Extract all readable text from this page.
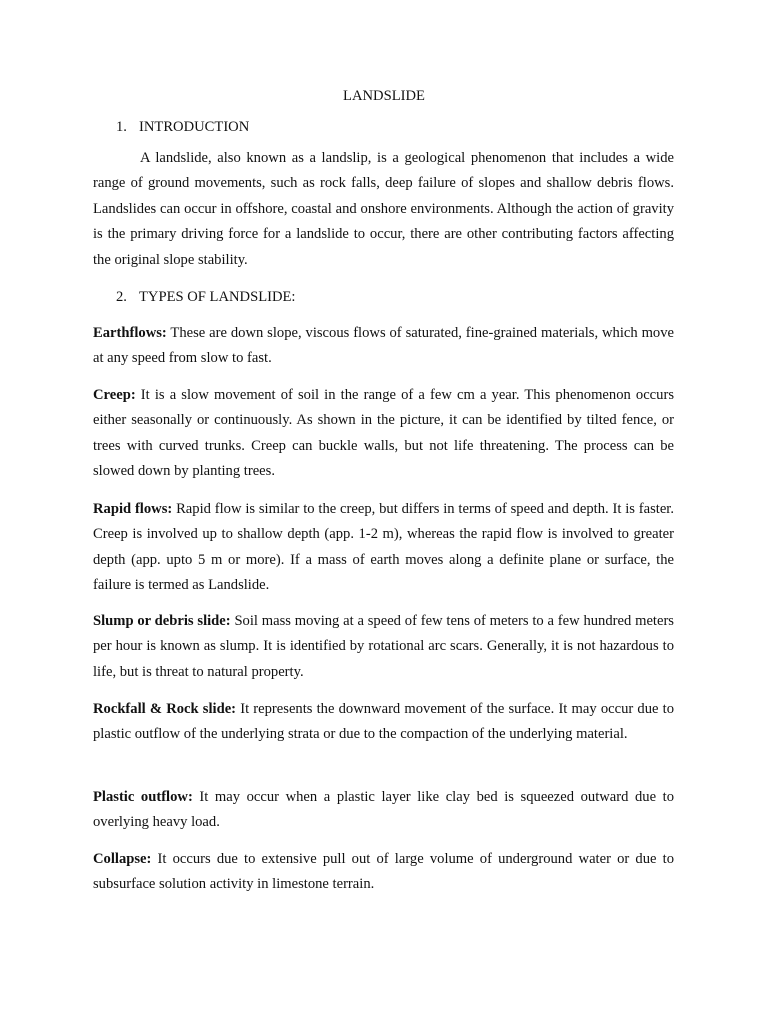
LANDSLIDE
1. INTRODUCTION

A landslide, also known as a landslip, is a geological phenomenon that includes a wide range of ground movements, such as rock falls, deep failure of slopes and shallow debris flows. Landslides can occur in offshore, coastal and onshore environments. Although the action of gravity is the primary driving force for a landslide to occur, there are other contributing factors affecting the original slope stability.

2. TYPES OF LANDSLIDE:

Earthflows: These are down slope, viscous flows of saturated, fine-grained materials, which move at any speed from slow to fast.

Creep: It is a slow movement of soil in the range of a few cm a year. This phenomenon occurs either seasonally or continuously. As shown in the picture, it can be identified by tilted fence, or trees with curved trunks. Creep can buckle walls, but not life threatening. The process can be slowed down by planting trees.

Rapid flows: Rapid flow is similar to the creep, but differs in terms of speed and depth. It is faster. Creep is involved up to shallow depth (app. 1-2 m), whereas the rapid flow is involved to greater depth (app. upto 5 m or more). If a mass of earth moves along a definite plane or surface, the failure is termed as Landslide.

Slump or debris slide: Soil mass moving at a speed of few tens of meters to a few hundred meters per hour is known as slump. It is identified by rotational arc scars. Generally, it is not hazardous to life, but is threat to natural property.

Rockfall & Rock slide: It represents the downward movement of the surface. It may occur due to plastic outflow of the underlying strata or due to the compaction of the underlying material.

Plastic outflow: It may occur when a plastic layer like clay bed is squeezed outward due to overlying heavy load.

Collapse: It occurs due to extensive pull out of large volume of underground water or due to subsurface solution activity in limestone terrain.
